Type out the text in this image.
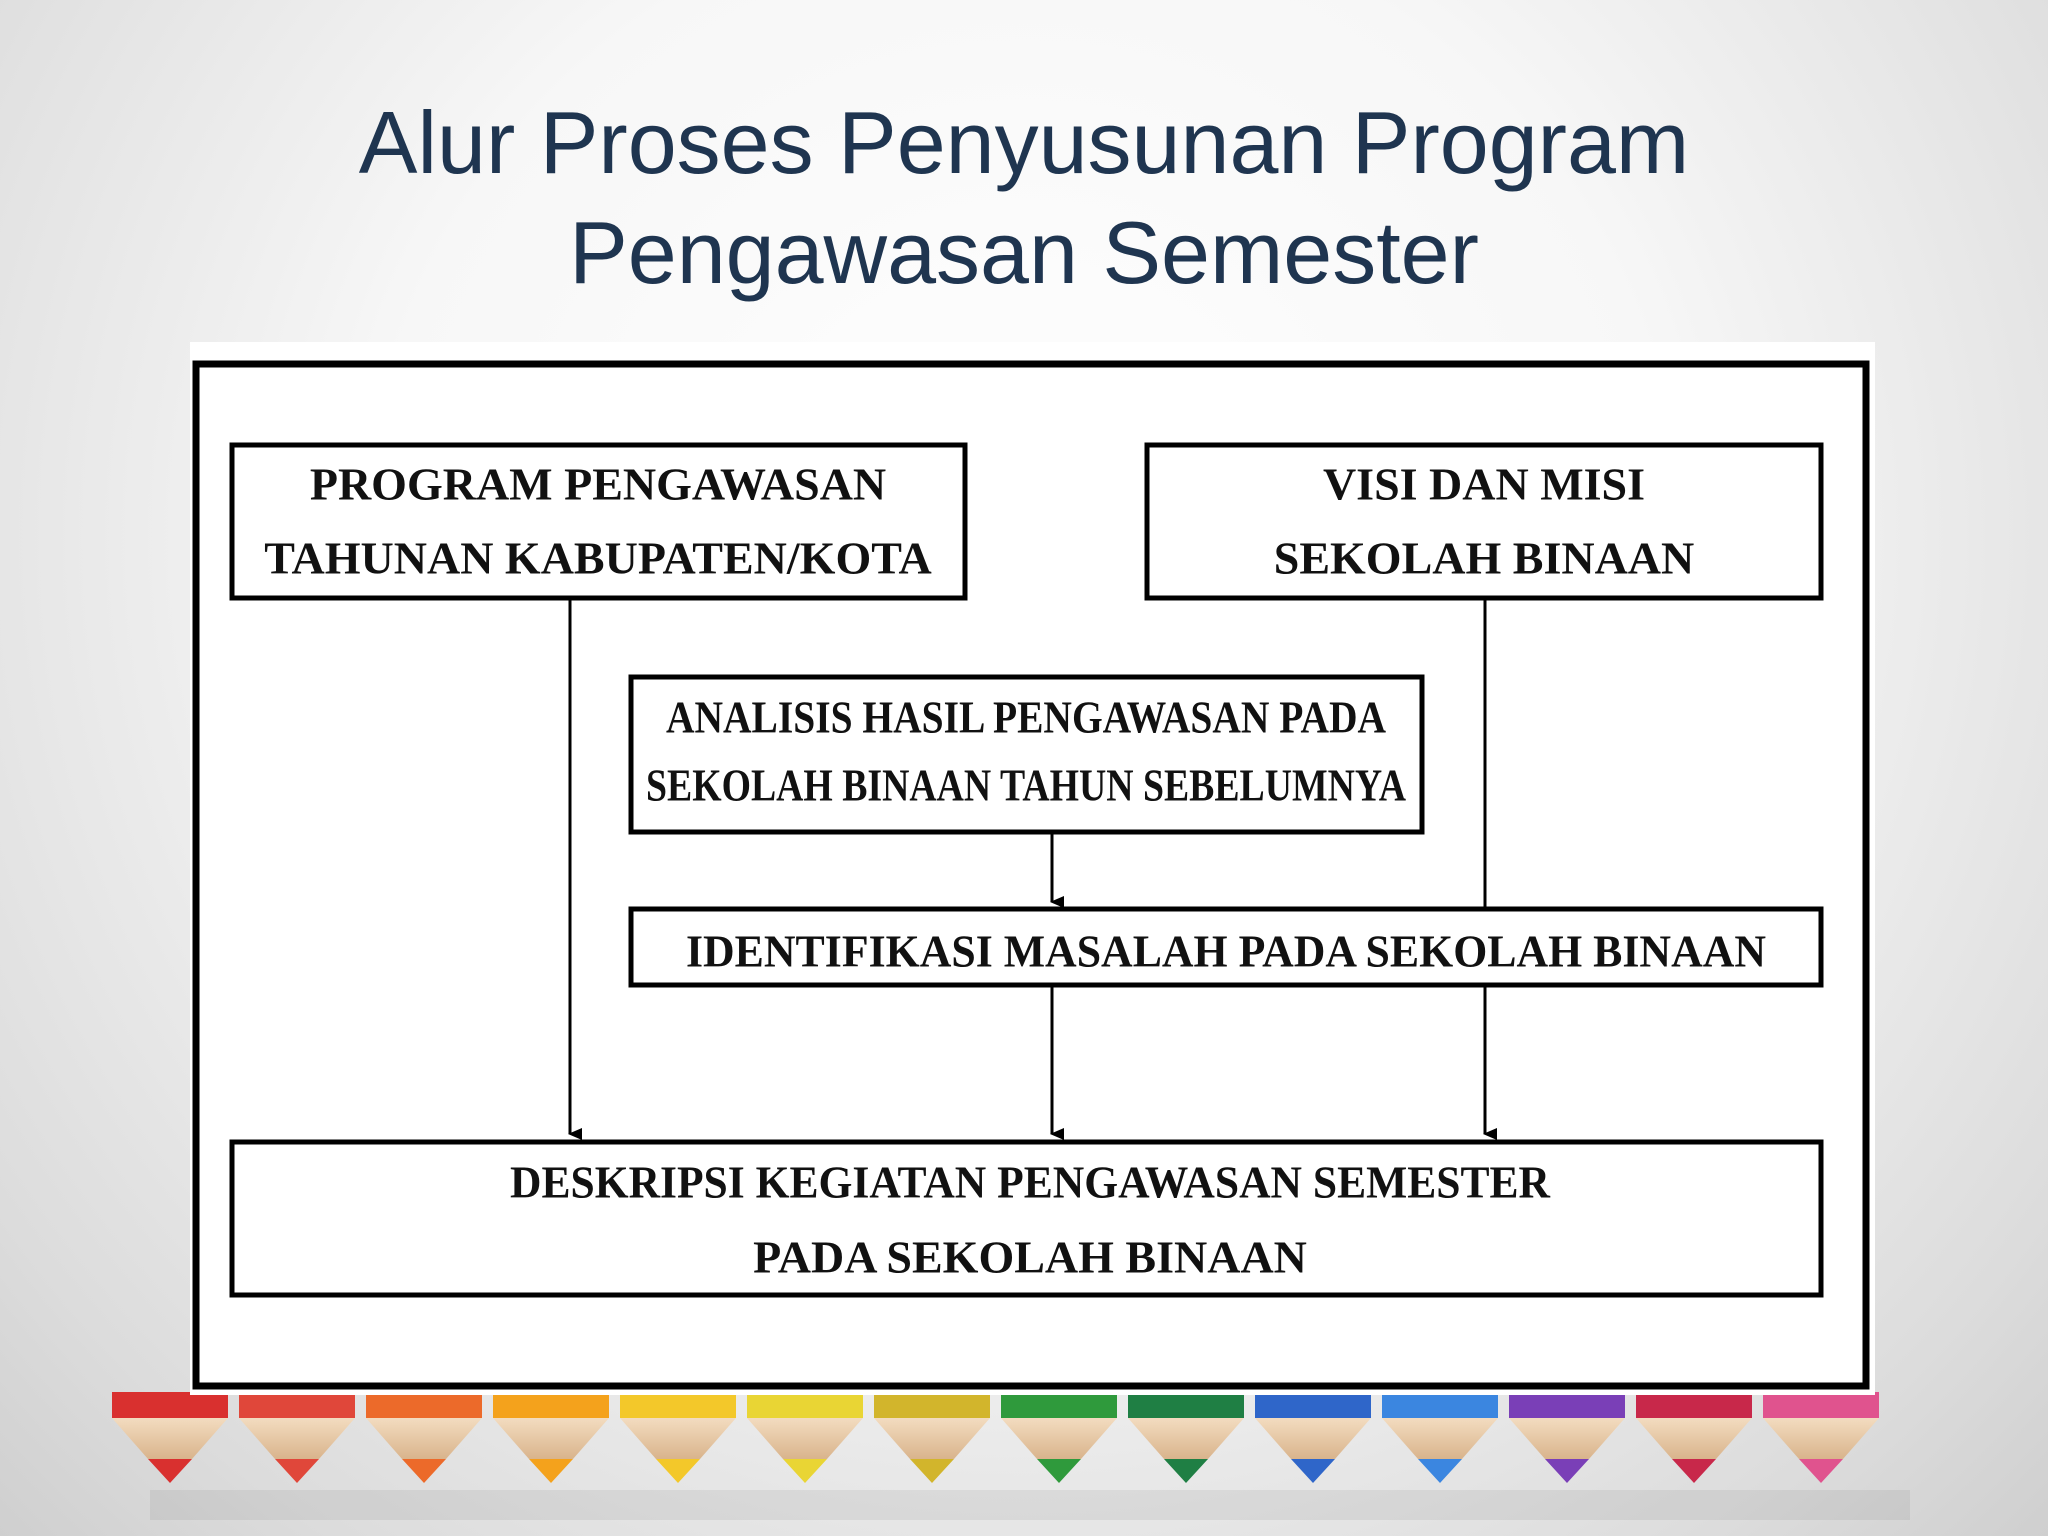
Alur Proses Penyusunan Program
Pengawasan Semester
PROGRAM PENGAWASAN
TAHUNAN KABUPATEN/KOTA
VISI DAN MISI
SEKOLAH BINAAN
ANALISIS HASIL PENGAWASAN PADA
SEKOLAH BINAAN TAHUN SEBELUMNYA
IDENTIFIKASI MASALAH PADA SEKOLAH BINAAN
DESKRIPSI KEGIATAN PENGAWASAN SEMESTER
PADA SEKOLAH BINAAN
